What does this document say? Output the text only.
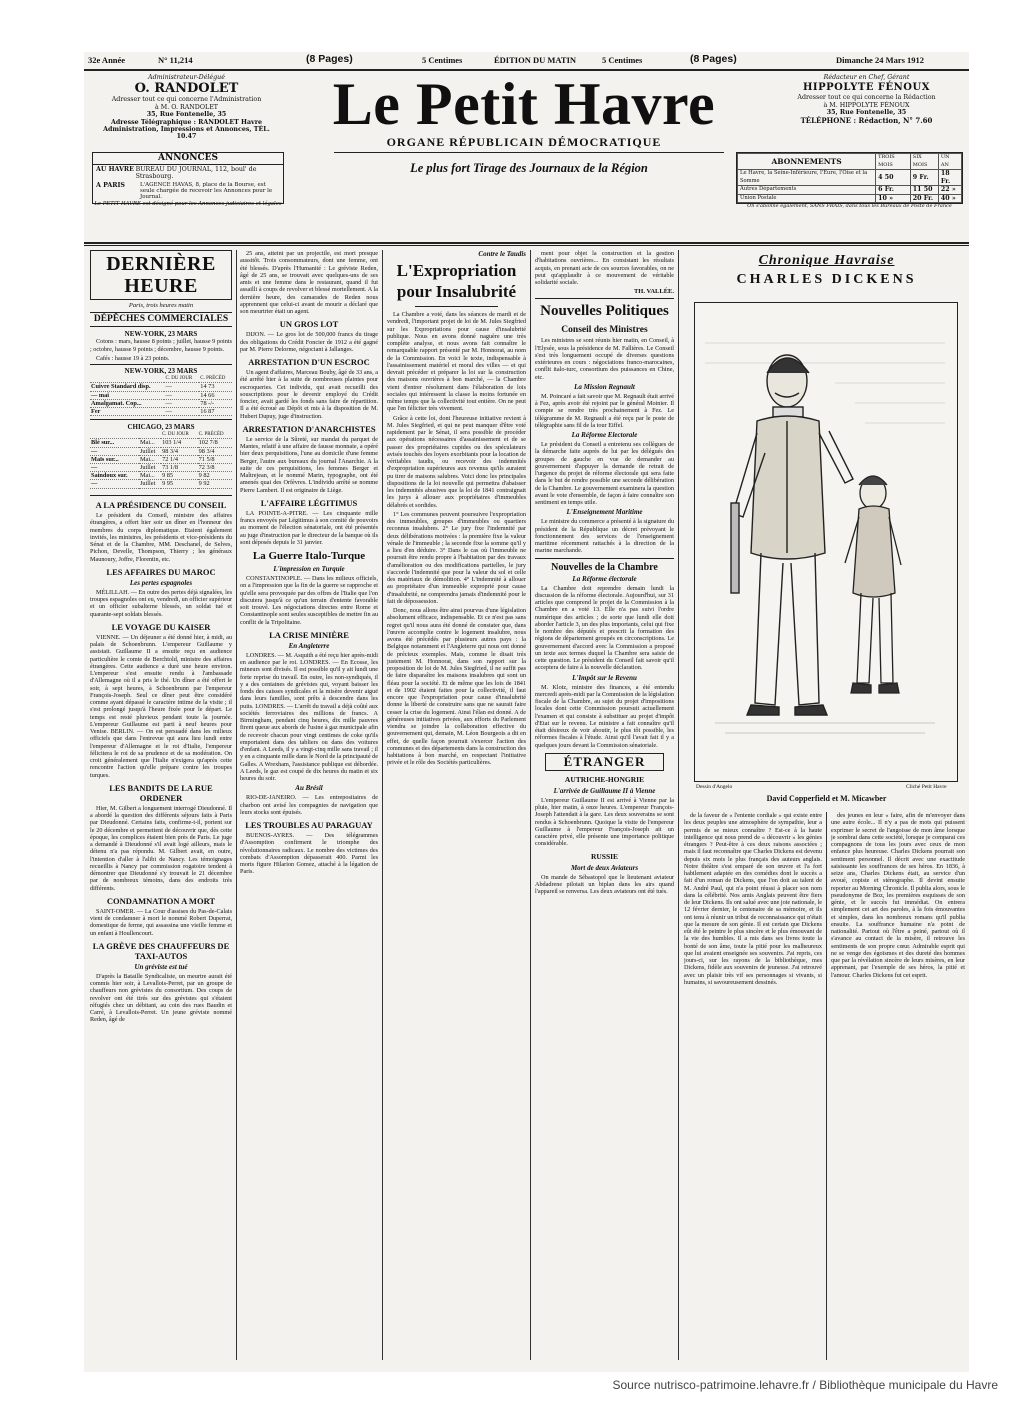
32e Année	N° 11,214	(8 Pages)	5 Centimes	ÉDITION DU MATIN	5 Centimes	(8 Pages)	Dimanche 24 Mars 1912
Administrateur-Délégué
O. RANDOLET
Adresser tout ce qui concerne l'Administration
à M. O. RANDOLET
35, Rue Fontenelle, 35
Adresse Télégraphique : RANDOLET Havre
Administration, Impressions et Annonces, TÉL. 10.47
ANNONCES
AU HAVRE BUREAU DU JOURNAL, 112, boul' de Strasbourg.
A PARIS	L'AGENCE HAVAS, 8, place de la Bourse, est seule chargée de recevoir les Annonces pour le Journal.
Le PETIT HAVRE est désigné pour les Annonces judiciaires et légales
Le Petit Havre
ORGANE RÉPUBLICAIN DÉMOCRATIQUE
Le plus fort Tirage des Journaux de la Région
Rédacteur en Chef, Gérant
HIPPOLYTE FÉNOUX
Adresser tout ce qui concerne la Rédaction
à M. HIPPOLYTE FÉNOUX
35, Rue Fontenelle, 35
TÉLÉPHONE : Rédaction, N° 7.60
ABONNEMENTS	TROIS MOIS	SIX MOIS	UN AN
Le Havre, la Seine-Inférieure, l'Eure, l'Oise et la Somme	4 50	9 Fr.	18 Fr.
Autres Départements	6 Fr.	11 50	22 »
Union Postale	10 »	20 Fr.	40 »
On s'abonne également, SANS FRAIS, dans tous les Bureaux de Poste de France
DERNIÈRE HEURE
Paris, trois heures matin
DÉPÊCHES COMMERCIALES
NEW-YORK, 23 MARS

Cotons : mars, hausse 8 points ; juillet, hausse 9 points ; octobre, hausse 9 points ; décembre, hausse 9 points.

Cafés : hausse 19 à 23 points.

NEW-YORK, 23 MARS
	C. DU JOUR	C. PRÉCÉD
Cuivre Standard disp.	—	14 73
— mai	—	14 66
Amalgamat. Cop...	—	78 -/-
Fer	—	16 87
CHICAGO, 23 MARS
		C. DU JOUR	C. PRÉCÉD
Blé sur...	Mai...	103 1/4	102 7/8
—	Juillet	98 3/4	98 3/4
Maïs sur...	Mai...	72 1/4	71 5/8
—	Juillet	73 1/8	72 3/8
Saindoux sur.	Mai...	9 85	9 82
—	Juillet	9 95	9 92
A LA PRÉSIDENCE DU CONSEIL

Le président du Conseil, ministre des affaires étrangères, a offert hier soir un dîner en l'honneur des membres du corps diplomatique. Etaient également invités, les ministres, les présidents et vice-présidents du Sénat et de la Chambre, MM. Deschanel, de Selves, Pichon, Develle, Thompson, Thierry ; les généraux Maunoury, Joffre, Florentin, etc.

LES AFFAIRES DU MAROC
Les pertes espagnoles

MÉLILLAH. — En outre des pertes déjà signalées, les troupes espagnoles ont eu, vendredi, un officier supérieur et un officier subalterne blessés, un soldat tué et quarante-sept soldats blessés.

LE VOYAGE DU KAISER

VIENNE. — Un déjeuner a été donné hier, à midi, au palais de Schoenbrunn. L'empereur Guillaume y assistait. Guillaume II a ensuite reçu en audience particulière le comte de Berchtold, ministre des affaires étrangères. Cette audience a duré une heure environ. L'empereur s'est ensuite rendu à l'ambassade d'Allemagne où il a pris le thé. Un dîner a été offert le soir, à sept heures, à Schoenbrunn par l'empereur François-Joseph. Seul ce dîner peut être considéré comme ayant dépassé le caractère intime de la visite ; il s'est prolongé jusqu'à l'heure fixée pour le départ. Le temps est resté pluvieux pendant toute la journée. L'empereur Guillaume est parti à neuf heures pour Venise. BERLIN. — On est persuadé dans les milieux officiels que dans l'entrevue qui aura lieu lundi entre l'empereur d'Allemagne et le roi d'Italie, l'empereur félicitera le roi de sa prudence et de sa modération. On croit généralement que l'Italie n'exigera qu'après cette rencontre l'action qu'elle prépare contre les troupes turques.

LES BANDITS DE LA RUE ORDENER

Hier, M. Gilbert a longuement interrogé Dieudonné. Il a abordé la question des différents séjours faits à Paris par Dieudonné. Certains faits, confirme-t-il, portent sur le 20 décembre et permettent de découvrir que, dès cette époque, les complices étaient bien près de Paris. Le juge a demandé à Dieudonné s'il avait logé ailleurs, mais le détenu n'a pas répondu. M. Gilbert avait, en outre, l'intention d'aller à l'alibi de Nancy. Les témoignages recueillis à Nancy par commission rogatoire tendent à démontrer que Dieudonné s'y trouvait le 21 décembre par de nombreux témoins, dans des endroits très différents.

CONDAMNATION A MORT

SAINT-OMER. — La Cour d'assises du Pas-de-Calais vient de condamner à mort le nommé Robert Duperrat, domestique de ferme, qui assassina une vieille femme et un enfant à Houllencourt.

LA GRÈVE DES CHAUFFEURS DE TAXI-AUTOS
Un gréviste est tué

D'après la Bataille Syndicaliste, un meurtre aurait été commis hier soir, à Levallois-Perret, par un groupe de chauffeurs non grévistes du consortium. Des coups de revolver ont été tirés sur des grévistes qui s'étaient réfugiés chez un débitant, au coin des rues Baudin et Carré, à Levallois-Perret. Un jeune gréviste nommé Reden, âgé de

25 ans, atteint par un projectile, est mort presque aussitôt. Trois consommateurs, dont une femme, ont été blessés. D'après l'Humanité : Le gréviste Reden, âgé de 25 ans, se trouvait avec quelques-uns de ses amis et une femme dans le restaurant, quand il fut assailli à coups de revolver et blessé mortellement. A la dernière heure, des camarades de Reden nous apprennent que celui-ci avant de mourir a déclaré que son meurtrier était un agent.

UN GROS LOT

DIJON. — Le gros lot de 500,000 francs du tirage des obligations du Crédit Foncier de 1912 a été gagné par M. Pierre Delorme, négociant à Jallanges.

ARRESTATION D'UN ESCROC

Un agent d'affaires, Marceau Bouby, âgé de 33 ans, a été arrêté hier à la suite de nombreuses plaintes pour escroqueries. Cet individu, qui avait recueilli des souscriptions pour le devenir employé du Crédit foncier, avait gardé les fonds sans faire de répartition. Il a été écroué au Dépôt et mis à la disposition de M. Hubert Dupuy, juge d'instruction.

ARRESTATION D'ANARCHISTES

Le service de la Sûreté, sur mandat du parquet de Mantes, relatif à une affaire de fausse monnaie, a opéré hier deux perquisitions, l'une au domicile d'une femme Berger, l'autre aux bureaux du journal l'Anarchie. A la suite de ces perquisitions, les femmes Berger et Maîtrejean, et le nommé Marin, typographe, ont été amenés quai des Orfèvres. L'individu arrêté se nomme Pierre Lambert. Il est originaire de Liège.

L'AFFAIRE LÉGITIMUS

LA POINTE-A-PITRE. — Les cinquante mille francs envoyés par Légitimus à son comité de pouvoirs au moment de l'élection sénatoriale, ont été présentés au juge d'instruction par le directeur de la banque où ils sont déposés depuis le 31 janvier.

La Guerre Italo-Turque
L'impression en Turquie

CONSTANTINOPLE. — Dans les milieux officiels, on a l'impression que la fin de la guerre se rapproche et qu'elle sera provoquée par des offres de l'Italie que l'on discutera jusqu'à ce qu'un terrain d'entente favorable soit trouvé. Les négociations directes entre Rome et Constantinople sont seules susceptibles de mettre fin au conflit de la Tripolitaine.

LA CRISE MINIÈRE
En Angleterre

LONDRES. — M. Asquith a été reçu hier après-midi en audience par le roi. LONDRES. — En Ecosse, les mineurs sont divisés. Il est possible qu'il y ait lundi une forte reprise du travail. En outre, les non-syndiqués, il y a des centaines de grévistes qui, voyant baisser les fonds des caisses syndicales et la misère devenir aiguë dans leurs familles, sont prêts à descendre dans les puits. LONDRES. — L'arrêt du travail a déjà coûté aux sociétés ferroviaires des millions de francs. A Birmingham, pendant cinq heures, dix mille pauvres firent queue aux abords de l'usine à gaz municipale afin de recevoir chacun pour vingt centimes de coke qu'ils emportaient dans des tabliers ou dans des voitures d'enfant. A Leeds, il y a vingt-cinq mille sans travail ; il y en a cinquante mille dans le Nord de la principauté de Galles. A Wrexham, l'assistance publique est débordée. A Leeds, le gaz est coupé de dix heures du matin et six heures du soir.

Au Brésil

RIO-DE-JANEIRO. — Les entrepositaires de charbon ont avisé les compagnies de navigation que leurs stocks sont épuisés.

LES TROUBLES AU PARAGUAY

BUENOS-AYRES. — Des télégrammes d'Assomption confirment le triomphe des révolutionnaires radicaux. Le nombre des victimes des combats d'Assomption dépasserait 400. Parmi les morts figure Hilarion Gomez, attaché à la légation de Paris.

Contre le Taudis
L'Expropriation pour Insalubrité

La Chambre a voté, dans les séances de mardi et de vendredi, l'important projet de loi de M. Jules Siegfried sur les Expropriations pour cause d'insalubrité publique. Nous en avons donné naguère une très complète analyse, et nous avons fait connaître le remarquable rapport présenté par M. Honnorat, au nom de la Commission. En voici le texte, indispensable à l'assainissement matériel et moral des villes — et qui devrait précéder et préparer la loi sur la construction des maisons ouvrières à bon marché, — la Chambre vient d'entrer résolument dans l'élaboration de lois sociales qui intéressent la classe la moins fortunée en même temps que la collectivité tout entière. On ne peut que l'en féliciter très vivement.

Grâce à cette loi, dont l'heureuse initiative revient à M. Jules Siegfried, et qui ne peut manquer d'être voté rapidement par le Sénat, il sera possible de procéder aux opérations nécessaires d'assainissement et de se passer des propriétaires cupides ou des spéculateurs avisés touchés des loyers exorbitants pour la location de véritables taudis, ou recevoir des indemnités d'expropriation supérieures aux revenus qu'ils auraient pu tirer de maisons salubres. Voici donc les principales dispositions de la loi nouvelle qui permettra d'abaisser les indemnités abusives que la loi de 1841 contraignait les jurys à allouer aux propriétaires d'immeubles délabrés et sordides.

1° Les communes peuvent poursuivre l'expropriation des immeubles, groupes d'immeubles ou quartiers reconnus insalubres. 2° Le jury fixe l'indemnité par deux délibérations motivées : la première fixe la valeur vénale de l'immeuble ; la seconde fixe la somme qu'il y a lieu d'en déduire. 3° Dans le cas où l'immeuble ne pourrait être rendu propre à l'habitation par des travaux d'amélioration ou des modifications partielles, le jury s'accorde l'indemnité que pour la valeur du sol et celle des matériaux de démolition. 4° L'indemnité à allouer au propriétaire d'un immeuble exproprié pour cause d'insalubrité, ne comprendra jamais d'indemnité pour le fait de dépossession.

Donc, nous allons être ainsi pourvus d'une législation absolument efficace, indispensable. Et ce n'est pas sans regret qu'il nous aura été donné de constater que, dans l'œuvre accomplie contre le logement insalubre, nous avons été précédés par plusieurs autres pays : la Belgique notamment et l'Angleterre qui nous ont donné de précieux exemples. Mais, comme le disait très justement M. Honnorat, dans son rapport sur la proposition de loi de M. Jules Siegfried, il ne suffit pas de faire disparaître les maisons insalubres qui sont un fléau pour la société. Et de même que les lois de 1841 et de 1902 étaient faites pour la collectivité, il faut encore que l'expropriation pour cause d'insalubrité donne la liberté de construire sans que ne saurait faire cesser la crise du logement. Ainsi l'élan est donné. A de généreuses initiatives privées, aux efforts du Parlement viendra se joindre la collaboration effective du gouvernement qui, demain, M. Léon Bourgeois a dit en effet, de quelle façon pourrait s'exercer l'action des communes et des départements dans la construction des habitations à bon marché, en respectant l'initiative privée et le rôle des Sociétés particulières.

ment pour objet la construction et la gestion d'habitations ouvrières... En consistant les résultats acquis, en prenant acte de ces sources favorables, on ne peut qu'applaudir à ce mouvement de véritable solidarité sociale.

TH. VALLÉE.
Nouvelles Politiques
Conseil des Ministres

Les ministres se sont réunis hier matin, en Conseil, à l'Elysée, sous la présidence de M. Fallières. Le Conseil s'est très longuement occupé de diverses questions extérieures en cours : négociations franco-marocaines, conflit italo-turc, consortium des puissances en Chine, etc.

La Mission Regnault

M. Poincaré a fait savoir que M. Regnault était arrivé à Fez, après avoir été rejoint par le général Moinier. Il compte se rendre très prochainement à Fez. Le télégramme de M. Regnault a été reçu par le poste de télégraphie sans fil de la tour Eiffel.

La Réforme Electorale

Le président du Conseil a entretenu ses collègues de la démarche faite auprès de lui par les délégués des groupes de gauche en vue de demander au gouvernement d'appuyer la demande de retrait de l'urgence du projet de réforme électorale qui sera faite dans le but de rendre possible une seconde délibération de la Chambre. Le gouvernement examinera la question avant le vote d'ensemble, de façon à faire connaître son sentiment en temps utile.

L'Enseignement Maritime

Le ministre du commerce a présenté à la signature du président de la République un décret prévoyant le fonctionnement des services de l'enseignement maritime récemment rattachés à la direction de la marine marchande.

Nouvelles de la Chambre
La Réforme électorale

La Chambre doit reprendre demain lundi la discussion de la réforme électorale. Aujourd'hui, sur 31 articles que comprend le projet de la Commission à la Chambre en a voté 13. Elle n'a pas suivi l'ordre numérique des articles ; de sorte que lundi elle doit aborder l'article 3, un des plus importants, celui qui fixe le nombre des députés et prescrit la formation des régions de département groupés en circonscriptions. Le gouvernement d'accord avec la Commission a proposé un texte aux termes duquel la Chambre sera saisie de cette question. Le président du Conseil fait savoir qu'il acceptera de faire à la nouvelle déclaration.

L'Impôt sur le Revenu

M. Klotz, ministre des finances, a été entendu mercredi après-midi par la Commission de la législation fiscale de la Chambre, au sujet du projet d'impositions locales dont cette Commission poursuit actuellement l'examen et qui consiste à substituer au projet d'impôt d'Etat sur le revenu. Le ministre a fait connaître qu'il était désireux de voir aboutir, le plus tôt possible, les réformes fiscales à l'étude. Ainsi qu'il l'avait fait il y a quelques jours devant la Commission sénatoriale.

ÉTRANGER
AUTRICHE-HONGRIE
L'arrivée de Guillaume II à Vienne

L'empereur Guillaume II est arrivé à Vienne par la pluie, hier matin, à onze heures. L'empereur François-Joseph l'attendait à la gare. Les deux souverains se sont rendus à Schoenbrunn. Quoique la visite de l'empereur Guillaume à l'empereur François-Joseph ait un caractère privé, elle présente une importance politique considérable.

RUSSIE
Mort de deux Aviateurs

On mande de Sébastopol que le lieutenant aviateur Abdadrene pilotait un biplan dans les airs quand l'appareil se renversa. Les deux aviateurs ont été tués.

Chronique Havraise
CHARLES DICKENS
Dessin d'Angelo	Cliché Petit Havre
David Copperfield et M. Micawber

de la faveur de « l'entente cordiale » qui existe entre les deux peuples une atmosphère de sympathie, leur a permis de se mieux connaître ? Est-ce à la haute intelligence qui nous prend de « découvrir » les génies étrangers ? Peut-être à ces deux raisons associées ; mais il faut reconnaître que Charles Dickens est devenu depuis six mois le plus français des auteurs anglais. Notre théâtre s'est emparé de son œuvre et l'a fort habilement adaptée en des comédies dont le succès a fait d'un roman de Dickens, que l'on doit au talent de M. André Paul, qui n'a point réussi à placer son nom dans la célébrité. Nos amis Anglais peuvent être fiers de leur Dickens. Ils ont salué avec une joie nationale, le 12 février dernier, le centenaire de sa mémoire, et ils ont tenu à réunir un tribut de reconnaissance qui n'était que la mesure de son génie. Il est certain que Dickens eût été le peintre le plus sincère et le plus émouvant de la vie des humbles. Il a mis dans ses livres toute la bonté de son âme, toute la pitié pour les malheureux que lui avaient enseignée ses souvenirs. J'ai repris, ces jours-ci, sur les rayons de la bibliothèque, mes Dickens, fidèle aux souvenirs de jeunesse. J'ai retrouvé avec un plaisir très vif ses personnages si vivants, si humains, si savoureusement dessinés.

des jeunes en leur « faire, afin de m'envoyer dans une autre école... Il n'y a pas de mots qui puissent exprimer le secret de l'angoisse de mon âme lorsque je sombrai dans cette société, lorsque je comparai ces compagnons de tous les jours avec ceux de mon enfance plus heureuse. Charles Dickens pourrait son sentiment personnel. Il décrit avec une exactitude saisissante les souffrances de ses héros. En 1836, à seize ans, Charles Dickens était, au service d'un avoué, copiste et sténographe. Il devint ensuite reporter au Morning Chronicle. Il publia alors, sous le pseudonyme de Boz, les premières esquisses de son génie, et le succès fut immédiat. On entrera simplement cet art des paroles, à la fois émouvantes et simples, dans les nombreux romans qu'il publia ensuite. La souffrance humaine n'a point de nationalité. Partout où l'être a peiné, partout où il s'avance au contact de la misère, il retrouve les sentiments de son propre cœur. Admirable esprit qui ne se venge des égoïsmes et des dureté des hommes que par la révélation sincère de leurs misères, en leur apprenant, par l'exemple de ses héros, la pitié et l'amour. Charles Dickens fut cet esprit.

Source nutrisco-patrimoine.lehavre.fr / Bibliothèque municipale du Havre
